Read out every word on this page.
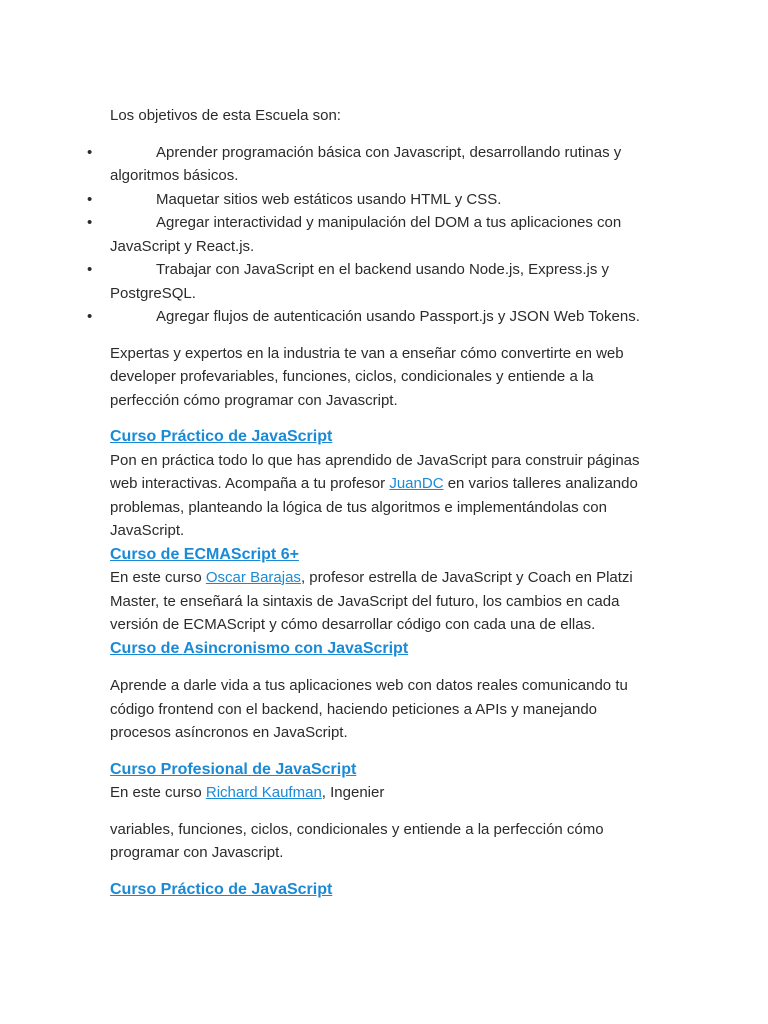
Los objetivos de esta Escuela son:

•	Aprender programación básica con Javascript, desarrollando rutinas y algoritmos básicos.
•	Maquetar sitios web estáticos usando HTML y CSS.
•	Agregar interactividad y manipulación del DOM a tus aplicaciones con JavaScript y React.js.
•	Trabajar con JavaScript en el backend usando Node.js, Express.js y PostgreSQL.
•	Agregar flujos de autenticación usando Passport.js y JSON Web Tokens.

Expertas y expertos en la industria te van a enseñar cómo convertirte en web developer profevariables, funciones, ciclos, condicionales y entiende a la perfección cómo programar con Javascript.

Curso Práctico de JavaScript

Pon en práctica todo lo que has aprendido de JavaScript para construir páginas web interactivas. Acompaña a tu profesor JuanDC en varios talleres analizando problemas, planteando la lógica de tus algoritmos e implementándolas con JavaScript.

Curso de ECMAScript 6+

En este curso Oscar Barajas, profesor estrella de JavaScript y Coach en Platzi Master, te enseñará la sintaxis de JavaScript del futuro, los cambios en cada versión de ECMAScript y cómo desarrollar código con cada una de ellas.

Curso de Asincronismo con JavaScript

Aprende a darle vida a tus aplicaciones web con datos reales comunicando tu código frontend con el backend, haciendo peticiones a APIs y manejando procesos asíncronos en JavaScript.

Curso Profesional de JavaScript

En este curso Richard Kaufman, Ingenier

variables, funciones, ciclos, condicionales y entiende a la perfección cómo programar con Javascript.

Curso Práctico de JavaScript
